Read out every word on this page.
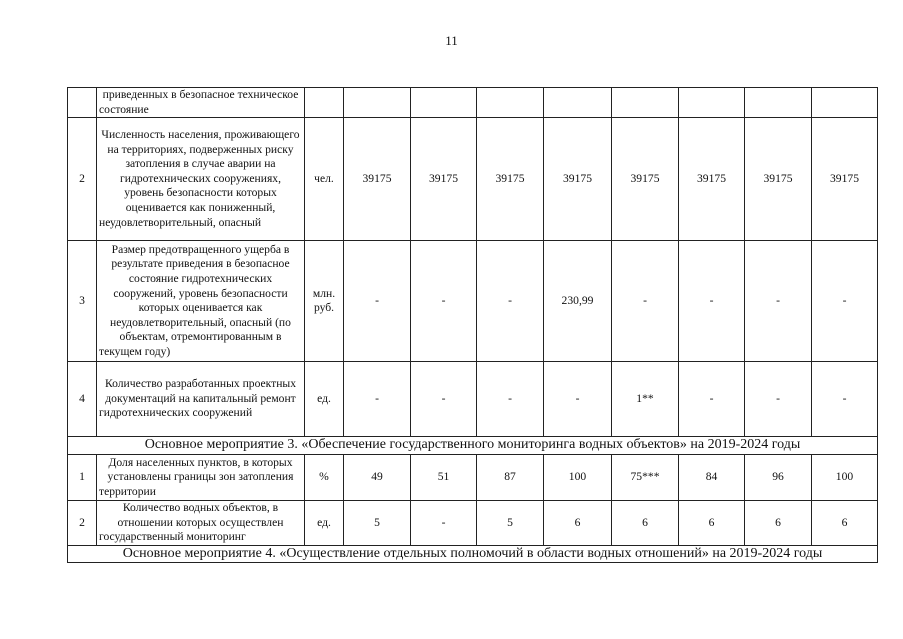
11
	приведенных в безопасное техническое состояние									
2	Численность населения, проживающего на территориях, подверженных риску затопления в случае аварии на гидротехнических сооружениях, уровень безопасности которых оценивается как пониженный, неудовлетворительный, опасный	чел.	39175	39175	39175	39175	39175	39175	39175	39175
3	Размер предотвращенного ущерба в результате приведения в безопасное состояние гидротехнических сооружений, уровень безопасности которых оценивается как неудовлетворительный, опасный (по объектам, отремонтированным в текущем году)	млн. руб.	-	-	-	230,99	-	-	-	-
4	Количество разработанных проектных документаций на капитальный ремонт гидротехнических сооружений	ед.	-	-	-	-	1**	-	-	-
Основное мероприятие 3. «Обеспечение государственного мониторинга водных объектов» на 2019-2024 годы										
1	Доля населенных пунктов, в которых установлены границы зон затопления территории	%	49	51	87	100	75***	84	96	100
2	Количество водных объектов, в отношении которых осуществлен государственный мониторинг	ед.	5	-	5	6	6	6	6	6
Основное мероприятие 4. «Осуществление отдельных полномочий в области водных отношений» на 2019-2024 годы										
